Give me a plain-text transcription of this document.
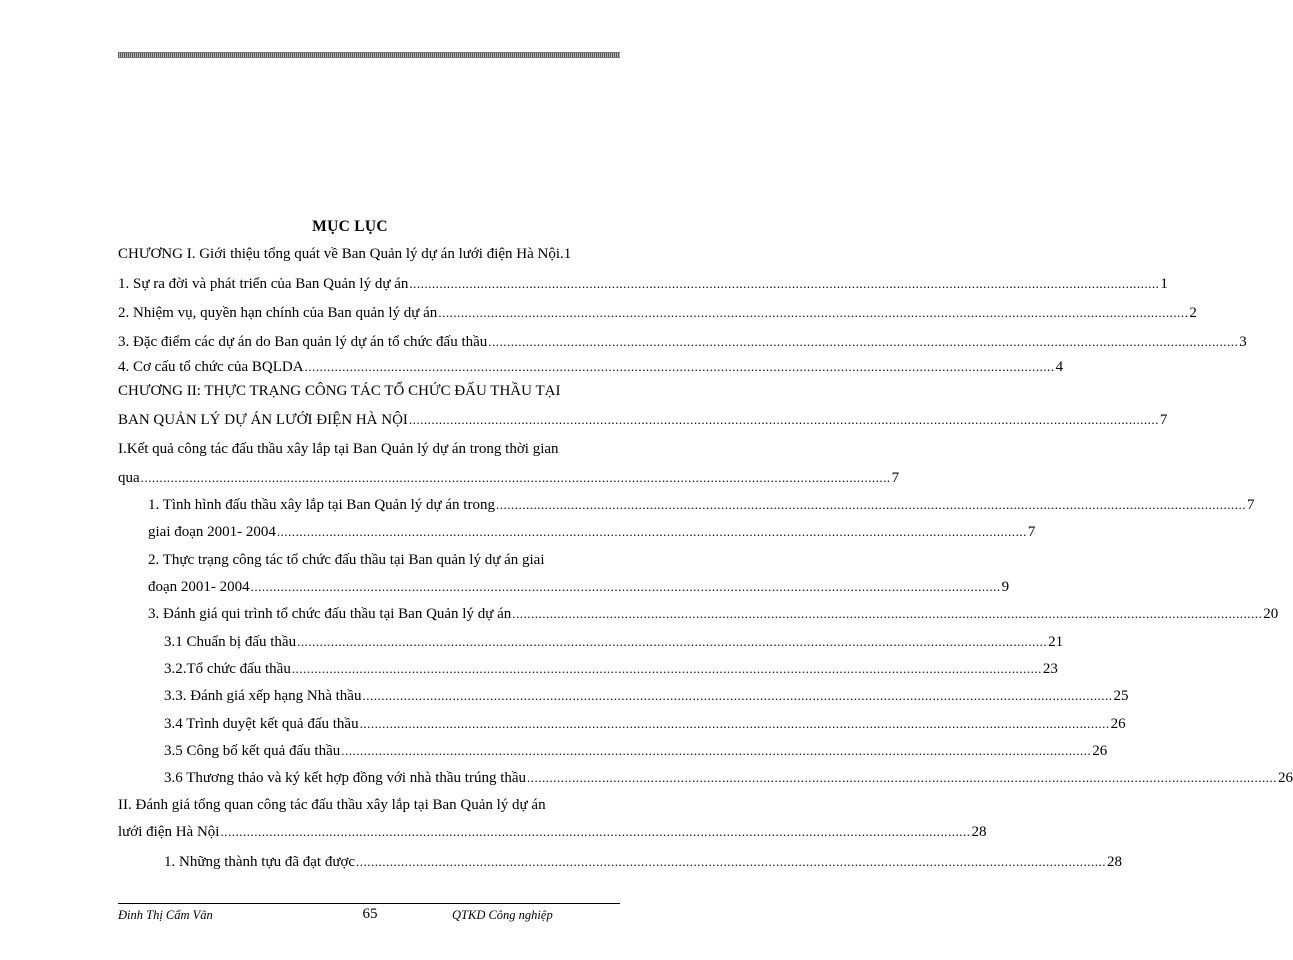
MỤC LỤC
CHƯƠNG I. Giới thiệu tổng quát về Ban Quản lý dự án lưới điện Hà Nội .1
1. Sự ra đời và phát triển của Ban Quản lý dự án ........................................................................................................................................................................................................ 1
2. Nhiệm vụ, quyền hạn chính của Ban quản lý dự án ........................................................................................................................................................................................................ 2
3. Đặc điểm các dự án do Ban quản lý dự án tổ chức đấu thầu ........................................................................................................................................................................................................ 3
4. Cơ cấu tổ chức của BQLDA ........................................................................................................................................................................................................ 4
CHƯƠNG II: THỰC TRẠNG CÔNG TÁC TỔ CHỨC ĐẤU THẦU TẠI
BAN QUẢN LÝ DỰ ÁN LƯỚI ĐIỆN HÀ NỘI ........................................................................................................................................................................................................ 7
I.Kết quả công tác đấu thầu xây lắp tại Ban Quản lý dự án trong thời gian
qua ........................................................................................................................................................................................................ 7
1. Tình hình đấu thầu xây lắp tại Ban Quản lý dự án trong ........................................................................................................................................................................................................ 7
giai đoạn 2001- 2004 ........................................................................................................................................................................................................ 7
2. Thực trạng công tác tổ chức đấu thầu tại Ban quản lý dự án giai
đoạn 2001- 2004 ........................................................................................................................................................................................................ 9
3. Đánh giá qui trình tổ chức đấu thầu tại Ban Quản lý dự án ........................................................................................................................................................................................................ 20
3.1 Chuẩn bị đấu thầu ........................................................................................................................................................................................................ 21
3.2.Tổ chức đấu thầu ........................................................................................................................................................................................................ 23
3.3. Đánh giá xếp hạng Nhà thầu ........................................................................................................................................................................................................ 25
3.4 Trình duyệt kết quả đấu thầu ........................................................................................................................................................................................................ 26
3.5 Công bố kết quả đấu thầu ........................................................................................................................................................................................................ 26
3.6 Thương thảo và ký kết hợp đồng với nhà thầu trúng thầu ........................................................................................................................................................................................................ 26
II. Đánh giá tổng quan công tác đấu thầu xây lắp tại Ban Quản lý dự án
lưới điện Hà Nội ........................................................................................................................................................................................................ 28
1. Những thành tựu đã đạt được ........................................................................................................................................................................................................ 28
Đinh Thị Cẩm Vân	65	QTKD Công nghiệp
